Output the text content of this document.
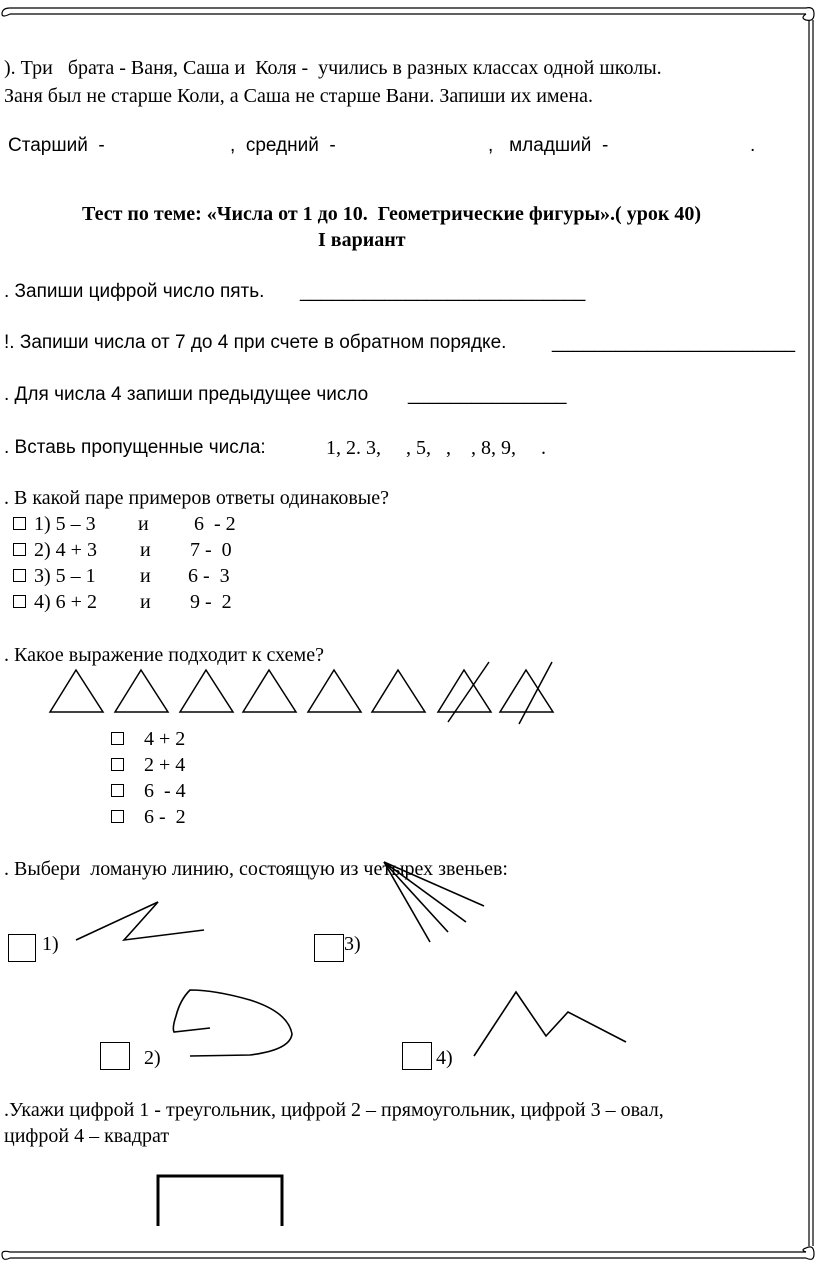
). Три   брата - Ваня, Саша и  Коля -  учились в разных классах одной школы.
Заня был не старше Коли, а Саша не старше Вани. Запиши их имена.
Старший  -	,  средний  -	,   младший  -	.
Тест по теме: «Числа от 1 до 10.  Геометрические фигуры».( урок 40)
I вариант
. Запиши цифрой число пять. ___________________________
!. Запиши числа от 7 до 4 при счете в обратном порядке. _______________________
. Для числа 4 запиши предыдущее число _______________
. Вставь пропущенные числа:	1, 2. 3,     , 5,   ,    , 8, 9,     .
. В какой паре примеров ответы одинаковые?
1) 5 – 3 и 6  - 2
2) 4 + 3 и 7 -  0
3) 5 – 1 и 6 -  3
4) 6 + 2 и 9 -  2
. Какое выражение подходит к схеме?
4 + 2
2 + 4
6  - 4
6 -  2
. Выбери  ломаную линию, состоящую из четырех звеньев:
1)	3)
2)	4)
.Укажи цифрой 1 - треугольник, цифрой 2 – прямоугольник, цифрой 3 – овал,
цифрой 4 – квадрат
